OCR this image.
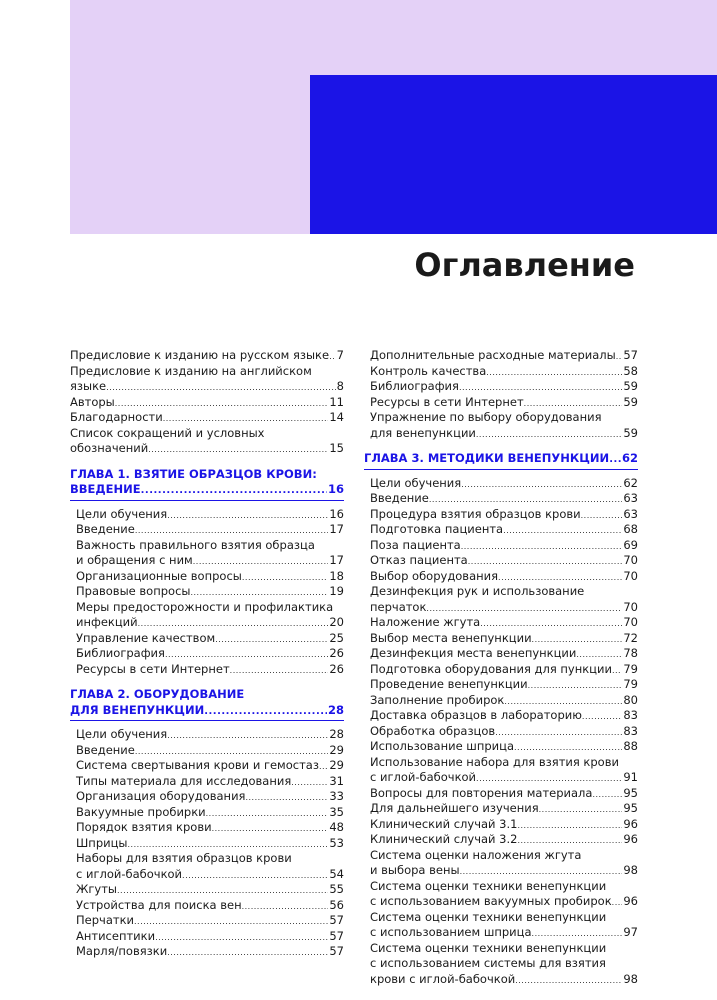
Оглавление
Предисловие к изданию на русском языке ..... 7
Предисловие к изданию на английском
языке .....	8
Авторы .....	11
Благодарности .....	14
Список сокращений и условных
обозначений .....	15
ГЛАВА 1. ВЗЯТИЕ ОБРАЗЦОВ КРОВИ:
ВВЕДЕНИЕ .....	16
Цели обучения .....	16
Введение .....	17
Важность правильного взятия образца
и обращения с ним .....	17
Организационные вопросы .....	18
Правовые вопросы .....	19
Меры предосторожности и профилактика
инфекций .....	20
Управление качеством .....	25
Библиография .....	26
Ресурсы в сети Интернет .....	26
ГЛАВА 2. ОБОРУДОВАНИЕ
ДЛЯ ВЕНЕПУНКЦИИ .....	28
Цели обучения .....	28
Введение .....	29
Система свертывания крови и гемостаз ..... 29
Типы материала для исследования .....	31
Организация оборудования .....	33
Вакуумные пробирки .....	35
Порядок взятия крови .....	48
Шприцы .....	53
Наборы для взятия образцов крови
с иглой-бабочкой .....	54
Жгуты .....	55
Устройства для поиска вен .....	56
Перчатки .....	57
Антисептики .....	57
Марля/повязки .....	57
Дополнительные расходные материалы ..... 57
Контроль качества .....	58
Библиография .....	59
Ресурсы в сети Интернет .....	59
Упражнение по выбору оборудования
для венепункции .....	59
ГЛАВА 3. МЕТОДИКИ ВЕНЕПУНКЦИИ ..... 62
Цели обучения .....	62
Введение .....	63
Процедура взятия образцов крови .....	63
Подготовка пациента .....	68
Поза пациента .....	69
Отказ пациента .....	70
Выбор оборудования .....	70
Дезинфекция рук и использование
перчаток .....	70
Наложение жгута .....	70
Выбор места венепункции .....	72
Дезинфекция места венепункции .....	78
Подготовка оборудования для пункции ..... 79
Проведение венепункции .....	79
Заполнение пробирок .....	80
Доставка образцов в лабораторию .....	83
Обработка образцов .....	83
Использование шприца .....	88
Использование набора для взятия крови
с иглой-бабочкой .....	91
Вопросы для повторения материала .....	95
Для дальнейшего изучения .....	95
Клинический случай 3.1 .....	96
Клинический случай 3.2 .....	96
Система оценки наложения жгута
и выбора вены .....	98
Система оценки техники венепункции
с использованием вакуумных пробирок ..... 96
Система оценки техники венепункции
с использованием шприца .....	97
Система оценки техники венепункции
с использованием системы для взятия
крови с иглой-бабочкой .....	98
